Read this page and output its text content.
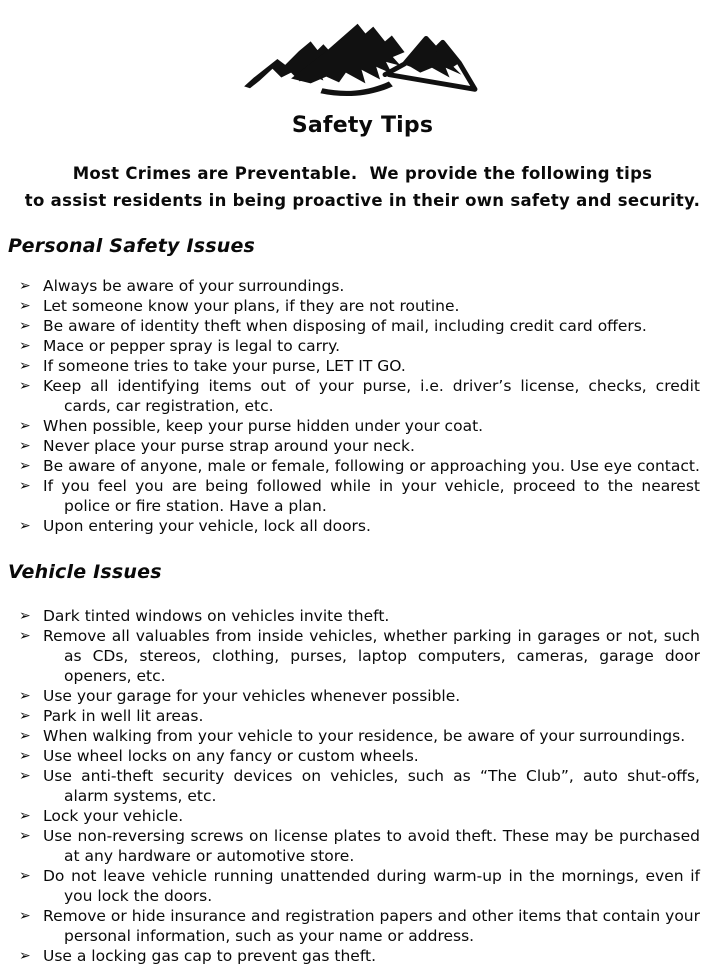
Safety Tips

Most Crimes are Preventable.  We provide the following tips
to assist residents in being proactive in their own safety and security.

Personal Safety Issues
➢ Always be aware of your surroundings.
➢ Let someone know your plans, if they are not routine.
➢ Be aware of identity theft when disposing of mail, including credit card offers.
➢ Mace or pepper spray is legal to carry.
➢ If someone tries to take your purse, LET IT GO.
➢ Keep all identifying items out of your purse, i.e. driver’s license, checks, credit cards, car registration, etc.
➢ When possible, keep your purse hidden under your coat.
➢ Never place your purse strap around your neck.
➢ Be aware of anyone, male or female, following or approaching you. Use eye contact.
➢ If you feel you are being followed while in your vehicle, proceed to the nearest police or fire station. Have a plan.
➢ Upon entering your vehicle, lock all doors.
Vehicle Issues
➢ Dark tinted windows on vehicles invite theft.
➢ Remove all valuables from inside vehicles, whether parking in garages or not, such as CDs, stereos, clothing, purses, laptop computers, cameras, garage door openers, etc.
➢ Use your garage for your vehicles whenever possible.
➢ Park in well lit areas.
➢ When walking from your vehicle to your residence, be aware of your surroundings.
➢ Use wheel locks on any fancy or custom wheels.
➢ Use anti-theft security devices on vehicles, such as “The Club”, auto shut-offs, alarm systems, etc.
➢ Lock your vehicle.
➢ Use non-reversing screws on license plates to avoid theft. These may be purchased at any hardware or automotive store.
➢ Do not leave vehicle running unattended during warm-up in the mornings, even if you lock the doors.
➢ Remove or hide insurance and registration papers and other items that contain your personal information, such as your name or address.
➢ Use a locking gas cap to prevent gas theft.
